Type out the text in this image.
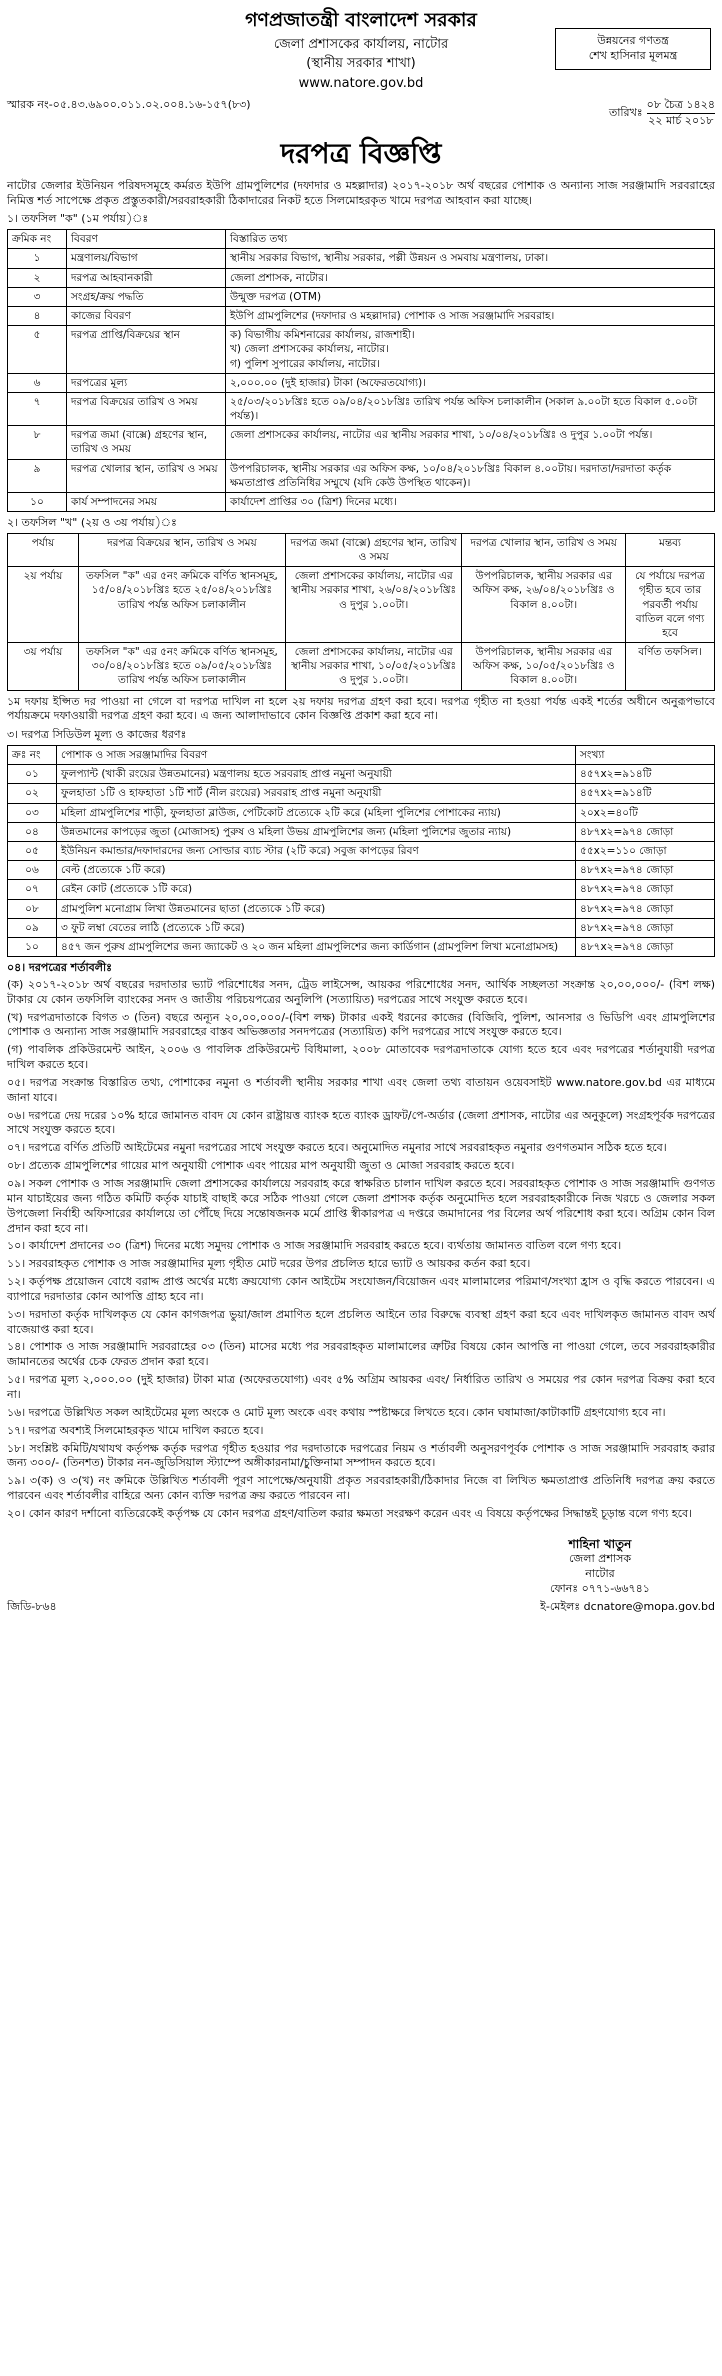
গণপ্রজাতন্ত্রী বাংলাদেশ সরকার
জেলা প্রশাসকের কার্যালয়, নাটোর
(স্থানীয় সরকার শাখা)
www.natore.gov.bd
উন্নয়নের গণতন্ত্র
শেখ হাসিনার মূলমন্ত্র
স্মারক নং-০৫.৪৩.৬৯০০.০১১.০২.০০৪.১৬-১৫৭(৮৩)
তারিখঃ
০৮ চৈত্র ১৪২৪
২২ মার্চ ২০১৮
দরপত্র বিজ্ঞপ্তি

নাটোর জেলার ইউনিয়ন পরিষদসমূহে কর্মরত ইউপি গ্রামপুলিশের (দফাদার ও মহল্লাদার) ২০১৭-২০১৮ অর্থ বছরের পোশাক ও অন্যান্য সাজ সরঞ্জামাদি সরবরাহের নিমিত্ত শর্ত সাপেক্ষে প্রকৃত প্রস্তুতকারী/সরবরাহকারী ঠিকাদারের নিকট হতে সিলমোহরকৃত খামে দরপত্র আহবান করা যাচ্ছে।

১। তফসিল "ক" (১ম পর্যায়)ঃ
ক্রমিক নং	বিবরণ	বিস্তারিত তথ্য
১	মন্ত্রণালয়/বিভাগ	স্থানীয় সরকার বিভাগ, স্থানীয় সরকার, পল্লী উন্নয়ন ও সমবায় মন্ত্রণালয়, ঢাকা।
২	দরপত্র আহবানকারী	জেলা প্রশাসক, নাটোর।
৩	সংগ্রহ/ক্রয় পদ্ধতি	উন্মুক্ত দরপত্র (OTM)
৪	কাজের বিবরণ	ইউপি গ্রামপুলিশের (দফাদার ও মহল্লাদার) পোশাক ও সাজ সরঞ্জামাদি সরবরাহ।
৫	দরপত্র প্রাপ্তি/বিক্রয়ের স্থান	ক) বিভাগীয় কমিশনারের কার্যালয়, রাজশাহী।
খ) জেলা প্রশাসকের কার্যালয়, নাটোর।
গ) পুলিশ সুপারের কার্যালয়, নাটোর।
৬	দরপত্রের মূল্য	২,০০০.০০ (দুই হাজার) টাকা (অফেরতযোগ্য)।
৭	দরপত্র বিক্রয়ের তারিখ ও সময়	২৫/০৩/২০১৮খ্রিঃ হতে ০৯/০৪/২০১৮খ্রিঃ তারিখ পর্যন্ত অফিস চলাকালীন (সকাল ৯.০০টা হতে বিকাল ৫.০০টা পর্যন্ত)।
৮	দরপত্র জমা (বাক্সে) গ্রহণের স্থান, তারিখ ও সময়	জেলা প্রশাসকের কার্যালয়, নাটোর এর স্থানীয় সরকার শাখা, ১০/০৪/২০১৮খ্রিঃ ও দুপুর ১.০০টা পর্যন্ত।
৯	দরপত্র খোলার স্থান, তারিখ ও সময়	উপপরিচালক, স্থানীয় সরকার এর অফিস কক্ষ, ১০/০৪/২০১৮খ্রিঃ বিকাল ৪.০০টায়। দরদাতা/দরদাতা কর্তৃক ক্ষমতাপ্রাপ্ত প্রতিনিধির সম্মুখে (যদি কেউ উপস্থিত থাকেন)।
১০	কার্য সম্পাদনের সময়	কার্যাদেশ প্রাপ্তির ৩০ (ত্রিশ) দিনের মধ্যে।
২। তফসিল "খ" (২য় ও ৩য় পর্যায়)ঃ
পর্যায়	দরপত্র বিক্রয়ের স্থান, তারিখ ও সময়	দরপত্র জমা (বাক্সে) গ্রহণের স্থান, তারিখ ও সময়	দরপত্র খোলার স্থান, তারিখ ও সময়	মন্তব্য
২য় পর্যায়	তফসিল "ক" এর ৫নং ক্রমিকে বর্ণিত স্থানসমূহ, ১৫/০৪/২০১৮খ্রিঃ হতে ২৫/০৪/২০১৮খ্রিঃ তারিখ পর্যন্ত অফিস চলাকালীন	জেলা প্রশাসকের কার্যালয়, নাটোর এর স্থানীয় সরকার শাখা, ২৬/০৪/২০১৮খ্রিঃ ও দুপুর ১.০০টা।	উপপরিচালক, স্থানীয় সরকার এর অফিস কক্ষ, ২৬/০৪/২০১৮খ্রিঃ ও বিকাল ৪.০০টা।	যে পর্যায়ে দরপত্র গৃহীত হবে তার পরবর্তী পর্যায় বাতিল বলে গণ্য হবে
৩য় পর্যায়	তফসিল "ক" এর ৫নং ক্রমিকে বর্ণিত স্থানসমূহ, ৩০/০৪/২০১৮খ্রিঃ হতে ০৯/০৫/২০১৮খ্রিঃ তারিখ পর্যন্ত অফিস চলাকালীন	জেলা প্রশাসকের কার্যালয়, নাটোর এর স্থানীয় সরকার শাখা, ১০/০৫/২০১৮খ্রিঃ ও দুপুর ১.০০টা।	উপপরিচালক, স্থানীয় সরকার এর অফিস কক্ষ, ১০/০৫/২০১৮খ্রিঃ ও বিকাল ৪.০০টা।	বর্ণিত তফসিল।

১ম দফায় ইপ্সিত দর পাওয়া না গেলে বা দরপত্র দাখিল না হলে ২য় দফায় দরপত্র গ্রহণ করা হবে। দরপত্র গৃহীত না হওয়া পর্যন্ত একই শর্তের অধীনে অনুরূপভাবে পর্যায়ক্রমে দফাওয়ারী দরপত্র গ্রহণ করা হবে। এ জন্য আলাদাভাবে কোন বিজ্ঞপ্তি প্রকাশ করা হবে না।

৩। দরপত্র সিডিউল মূল্য ও কাজের ধরণঃ
ক্রঃ নং	পোশাক ও সাজ সরঞ্জামাদির বিবরণ	সংখ্যা
০১	ফুলপ্যান্ট (খাকী রংয়ের উন্নতমানের) মন্ত্রণালয় হতে সরবরাহ প্রাপ্ত নমুনা অনুযায়ী	৪৫৭x২=৯১৪টি
০২	ফুলহাতা ১টি ও হাফহাতা ১টি শার্ট (নীল রংয়ের) সরবরাহ প্রাপ্ত নমুনা অনুযায়ী	৪৫৭x২=৯১৪টি
০৩	মহিলা গ্রামপুলিশের শাড়ী, ফুলহাতা ব্লাউজ, পেটিকোট প্রত্যেকে ২টি করে (মহিলা পুলিশের পোশাকের ন্যায়)	২০x২=৪০টি
০৪	উন্নতমানের কাপড়ের জুতা (মোজাসহ) পুরুষ ও মহিলা উভয় গ্রামপুলিশের জন্য (মহিলা পুলিশের জুতার ন্যায়)	৪৮৭x২=৯৭৪ জোড়া
০৫	ইউনিয়ন কমান্ডার/দফাদারদের জন্য সোল্ডার ব্যাচ স্টার (২টি করে) সবুজ কাপড়ের রিবণ	৫৫x২=১১০ জোড়া
০৬	বেল্ট (প্রত্যেকে ১টি করে)	৪৮৭x২=৯৭৪ জোড়া
০৭	রেইন কোট (প্রত্যেকে ১টি করে)	৪৮৭x২=৯৭৪ জোড়া
০৮	গ্রামপুলিশ মনোগ্রাম লিখা উন্নতমানের ছাতা (প্রত্যেকে ১টি করে)	৪৮৭x২=৯৭৪ জোড়া
০৯	৩ ফুট লম্বা বেতের লাঠি (প্রত্যেকে ১টি করে)	৪৮৭x২=৯৭৪ জোড়া
১০	৪৫৭ জন পুরুষ গ্রামপুলিশের জন্য জ্যাকেট ও ২০ জন মহিলা গ্রামপুলিশের জন্য কার্ডিগান (গ্রামপুলিশ লিখা মনোগ্রামসহ)	৪৮৭x২=৯৭৪ জোড়া
০৪। দরপত্রের শর্তাবলীঃ

(ক) ২০১৭-২০১৮ অর্থ বছরের দরদাতার ভ্যাট পরিশোধের সনদ, ট্রেড লাইসেন্স, আয়কর পরিশোধের সনদ, আর্থিক সচ্ছলতা সংক্রান্ত ২০,০০,০০০/- (বিশ লক্ষ) টাকার যে কোন তফসিলি ব্যাংকের সনদ ও জাতীয় পরিচয়পত্রের অনুলিপি (সত্যায়িত) দরপত্রের সাথে সংযুক্ত করতে হবে।

(খ) দরপত্রদাতাকে বিগত ৩ (তিন) বছরে অন্যূন ২০,০০,০০০/-(বিশ লক্ষ) টাকার একই ধরনের কাজের (বিজিবি, পুলিশ, আনসার ও ভিডিপি এবং গ্রামপুলিশের পোশাক ও অন্যান্য সাজ সরঞ্জামাদি সরবরাহের বাস্তব অভিজ্ঞতার সনদপত্রের (সত্যায়িত) কপি দরপত্রের সাথে সংযুক্ত করতে হবে।

(গ) পাবলিক প্রকিউরমেন্ট আইন, ২০০৬ ও পাবলিক প্রকিউরমেন্ট বিধিমালা, ২০০৮ মোতাবেক দরপত্রদাতাকে যোগ্য হতে হবে এবং দরপত্রের শর্তানুযায়ী দরপত্র দাখিল করতে হবে।

০৫। দরপত্র সংক্রান্ত বিস্তারিত তথ্য, পোশাকের নমুনা ও শর্তাবলী স্থানীয় সরকার শাখা এবং জেলা তথ্য বাতায়ন ওয়েবসাইট www.natore.gov.bd এর মাধ্যমে জানা যাবে।

০৬। দরপত্রে দেয় দরের ১০% হারে জামানত বাবদ যে কোন রাষ্ট্রায়ত্ত ব্যাংক হতে ব্যাংক ড্রাফট/পে-অর্ডার (জেলা প্রশাসক, নাটোর এর অনুকূলে) সংগ্রহপূর্বক দরপত্রের সাথে সংযুক্ত করতে হবে।

০৭। দরপত্রে বর্ণিত প্রতিটি আইটেমের নমুনা দরপত্রের সাথে সংযুক্ত করতে হবে। অনুমোদিত নমুনার সাথে সরবরাহকৃত নমুনার গুণগতমান সঠিক হতে হবে।

০৮। প্রত্যেক গ্রামপুলিশের গায়ের মাপ অনুযায়ী পোশাক এবং পায়ের মাপ অনুযায়ী জুতা ও মোজা সরবরাহ করতে হবে।

০৯। সকল পোশাক ও সাজ সরঞ্জামাদি জেলা প্রশাসকের কার্যালয়ে সরবরাহ করে স্বাক্ষরিত চালান দাখিল করতে হবে। সরবরাহকৃত পোশাক ও সাজ সরঞ্জামাদি গুণগত মান যাচাইয়ের জন্য গঠিত কমিটি কর্তৃক যাচাই বাছাই করে সঠিক পাওয়া গেলে জেলা প্রশাসক কর্তৃক অনুমোদিত হলে সরবরাহকারীকে নিজ খরচে ও জেলার সকল উপজেলা নির্বাহী অফিসারের কার্যালয়ে তা পৌঁছে দিয়ে সন্তোষজনক মর্মে প্রাপ্তি স্বীকারপত্র এ দপ্তরে জমাদানের পর বিলের অর্থ পরিশোধ করা হবে। অগ্রিম কোন বিল প্রদান করা হবে না।

১০। কার্যাদেশ প্রদানের ৩০ (ত্রিশ) দিনের মধ্যে সমুদয় পোশাক ও সাজ সরঞ্জামাদি সরবরাহ করতে হবে। ব্যর্থতায় জামানত বাতিল বলে গণ্য হবে।

১১। সরবরাহকৃত পোশাক ও সাজ সরঞ্জামাদির মূল্য গৃহীত মোট দরের উপর প্রচলিত হারে ভ্যাট ও আয়কর কর্তন করা হবে।

১২। কর্তৃপক্ষ প্রয়োজন বোধে বরাদ্দ প্রাপ্ত অর্থের মধ্যে ক্রয়যোগ্য কোন আইটেম সংযোজন/বিয়োজন এবং মালামালের পরিমাণ/সংখ্যা হ্রাস ও বৃদ্ধি করতে পারবেন। এ ব্যাপারে দরদাতার কোন আপত্তি গ্রাহ্য হবে না।

১৩। দরদাতা কর্তৃক দাখিলকৃত যে কোন কাগজপত্র ভুয়া/জাল প্রমাণিত হলে প্রচলিত আইনে তার বিরুদ্ধে ব্যবস্থা গ্রহণ করা হবে এবং দাখিলকৃত জামানত বাবদ অর্থ বাজেয়াপ্ত করা হবে।

১৪। পোশাক ও সাজ সরঞ্জামাদি সরবরাহের ০৩ (তিন) মাসের মধ্যে পর সরবরাহকৃত মালামালের ত্রুটির বিষয়ে কোন আপত্তি না পাওয়া গেলে, তবে সরবরাহকারীর জামানতের অর্থের চেক ফেরত প্রদান করা হবে।

১৫। দরপত্র মূল্য ২,০০০.০০ (দুই হাজার) টাকা মাত্র (অফেরতযোগ্য) এবং ৫% অগ্রিম আয়কর এবং/ নির্ধারিত তারিখ ও সময়ের পর কোন দরপত্র বিক্রয় করা হবে না।

১৬। দরপত্রে উল্লিখিত সকল আইটেমের মূল্য অংকে ও মোট মূল্য অংকে এবং কথায় স্পষ্টাক্ষরে লিখতে হবে। কোন ঘষামাজা/কাটাকাটি গ্রহণযোগ্য হবে না।

১৭। দরপত্র অবশ্যই সিলমোহরকৃত খামে দাখিল করতে হবে।

১৮। সংশ্লিষ্ট কমিটি/যথাযথ কর্তৃপক্ষ কর্তৃক দরপত্র গৃহীত হওয়ার পর দরদাতাকে দরপত্রের নিয়ম ও শর্তাবলী অনুসরণপূর্বক পোশাক ও সাজ সরঞ্জামাদি সরবরাহ করার জন্য ৩০০/- (তিনশত) টাকার নন-জুডিসিয়াল স্ট্যাম্পে অঙ্গীকারনামা/চুক্তিনামা সম্পাদন করতে হবে।

১৯। ৩(ক) ও ৩(খ) নং ক্রমিকে উল্লিখিত শর্তাবলী পূরণ সাপেক্ষে/অনুযায়ী প্রকৃত সরবরাহকারী/ঠিকাদার নিজে বা লিখিত ক্ষমতাপ্রাপ্ত প্রতিনিধি দরপত্র ক্রয় করতে পারবেন এবং শর্তাবলীর বাহিরে অন্য কোন ব্যক্তি দরপত্র ক্রয় করতে পারবেন না।

২০। কোন কারণ দর্শানো ব্যতিরেকেই কর্তৃপক্ষ যে কোন দরপত্র গ্রহণ/বাতিল করার ক্ষমতা সংরক্ষণ করেন এবং এ বিষয়ে কর্তৃপক্ষের সিদ্ধান্তই চূড়ান্ত বলে গণ্য হবে।

শাহিনা খাতুন
জেলা প্রশাসক
নাটোর
ফোনঃ ০৭৭১-৬৬৭৪১
জিডি-৮৬৪	ই-মেইলঃ dcnatore@mopa.gov.bd
